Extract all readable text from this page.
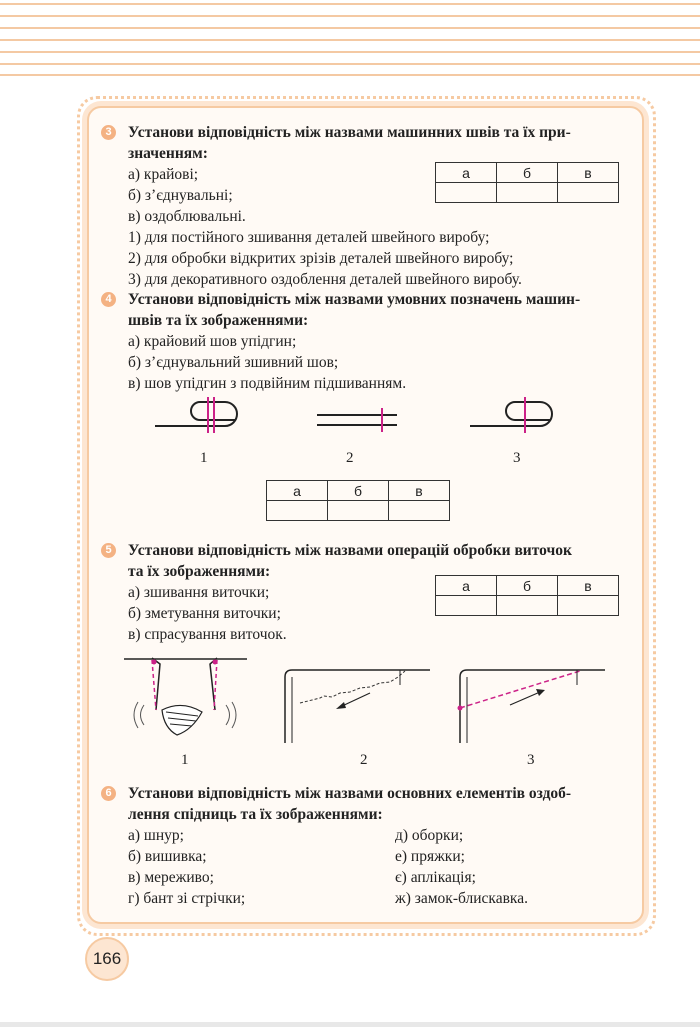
3 Установи відповідність між назвами машинних швів та їх при-
значенням:
а) крайові;
б) з’єднувальні;
в) оздоблювальні.
1) для постійного зшивання деталей швейного виробу;
2) для обробки відкритих зрізів деталей швейного виробу;
3) для декоративного оздоблення деталей швейного виробу.
а	б	в

4 Установи відповідність між назвами умовних позначень машин-
швів та їх зображеннями:
а) крайовий шов упідгин;
б) з’єднувальний зшивний шов;
в) шов упідгин з подвійним підшиванням.
1	2	3
а	б	в

5 Установи відповідність між назвами операцій обробки виточок
та їх зображеннями:
а) зшивання виточки;
б) зметування виточки;
в) спрасування виточок.
а	б	в

1	2	3
6 Установи відповідність між назвами основних елементів оздоб-
лення спідниць та їх зображеннями:
а) шнур;
б) вишивка;
в) мереживо;
г) бант зі стрічки;
д) оборки;
е) пряжки;
є) аплікація;
ж) замок-блискавка.
166
